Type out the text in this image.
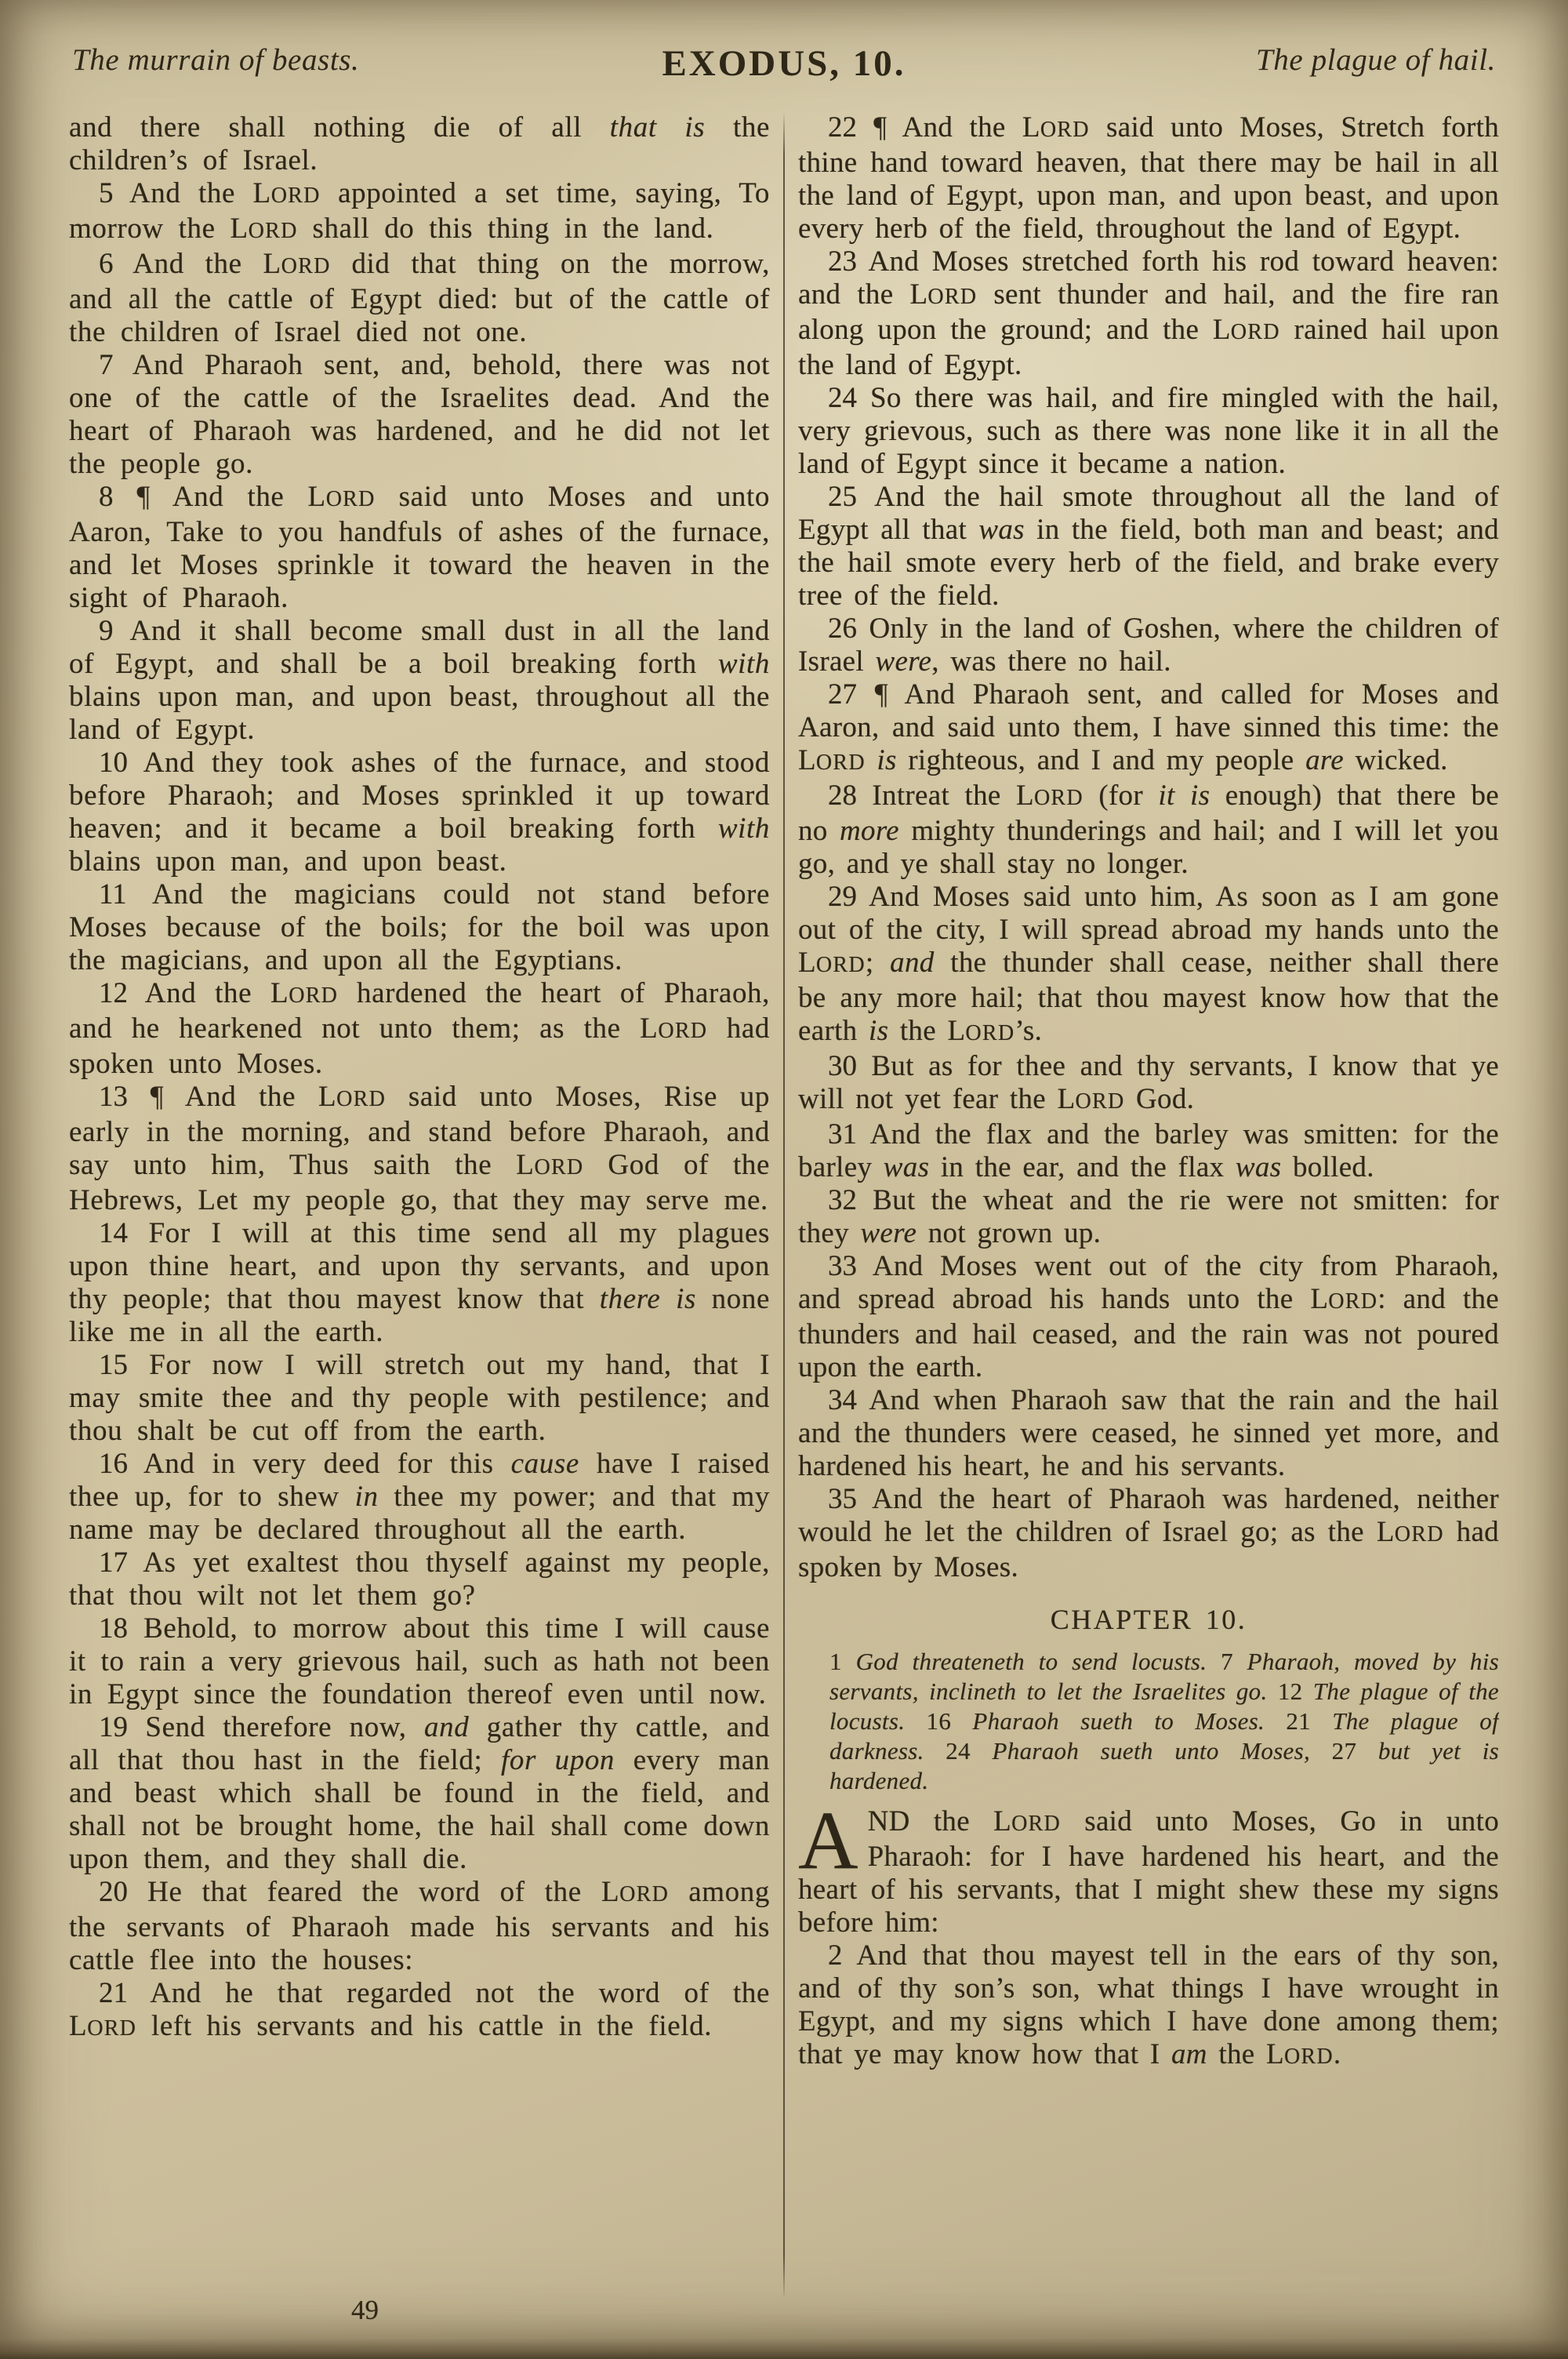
The murrain of beasts.	EXODUS, 10.	The plague of hail.

and there shall nothing die of all that is the children’s of Israel.

5 And the LORD appointed a set time, saying, To morrow the LORD shall do this thing in the land.

6 And the LORD did that thing on the morrow, and all the cattle of Egypt died: but of the cattle of the children of Israel died not one.

7 And Pharaoh sent, and, behold, there was not one of the cattle of the Israelites dead. And the heart of Pharaoh was hardened, and he did not let the people go.

8 ¶ And the LORD said unto Moses and unto Aaron, Take to you handfuls of ashes of the furnace, and let Moses sprinkle it toward the heaven in the sight of Pharaoh.

9 And it shall become small dust in all the land of Egypt, and shall be a boil breaking forth with blains upon man, and upon beast, throughout all the land of Egypt.

10 And they took ashes of the furnace, and stood before Pharaoh; and Moses sprinkled it up toward heaven; and it became a boil breaking forth with blains upon man, and upon beast.

11 And the magicians could not stand before Moses because of the boils; for the boil was upon the magicians, and upon all the Egyptians.

12 And the LORD hardened the heart of Pharaoh, and he hearkened not unto them; as the LORD had spoken unto Moses.

13 ¶ And the LORD said unto Moses, Rise up early in the morning, and stand before Pharaoh, and say unto him, Thus saith the LORD God of the Hebrews, Let my people go, that they may serve me.

14 For I will at this time send all my plagues upon thine heart, and upon thy servants, and upon thy people; that thou mayest know that there is none like me in all the earth.

15 For now I will stretch out my hand, that I may smite thee and thy people with pestilence; and thou shalt be cut off from the earth.

16 And in very deed for this cause have I raised thee up, for to shew in thee my power; and that my name may be declared throughout all the earth.

17 As yet exaltest thou thyself against my people, that thou wilt not let them go?

18 Behold, to morrow about this time I will cause it to rain a very grievous hail, such as hath not been in Egypt since the foundation thereof even until now.

19 Send therefore now, and gather thy cattle, and all that thou hast in the field; for upon every man and beast which shall be found in the field, and shall not be brought home, the hail shall come down upon them, and they shall die.

20 He that feared the word of the LORD among the servants of Pharaoh made his servants and his cattle flee into the houses:

21 And he that regarded not the word of the LORD left his servants and his cattle in the field.

22 ¶ And the LORD said unto Moses, Stretch forth thine hand toward heaven, that there may be hail in all the land of Egypt, upon man, and upon beast, and upon every herb of the field, throughout the land of Egypt.

23 And Moses stretched forth his rod toward heaven: and the LORD sent thunder and hail, and the fire ran along upon the ground; and the LORD rained hail upon the land of Egypt.

24 So there was hail, and fire mingled with the hail, very grievous, such as there was none like it in all the land of Egypt since it became a nation.

25 And the hail smote throughout all the land of Egypt all that was in the field, both man and beast; and the hail smote every herb of the field, and brake every tree of the field.

26 Only in the land of Goshen, where the children of Israel were, was there no hail.

27 ¶ And Pharaoh sent, and called for Moses and Aaron, and said unto them, I have sinned this time: the LORD is righteous, and I and my people are wicked.

28 Intreat the LORD (for it is enough) that there be no more mighty thunderings and hail; and I will let you go, and ye shall stay no longer.

29 And Moses said unto him, As soon as I am gone out of the city, I will spread abroad my hands unto the LORD; and the thunder shall cease, neither shall there be any more hail; that thou mayest know how that the earth is the LORD’s.

30 But as for thee and thy servants, I know that ye will not yet fear the LORD God.

31 And the flax and the barley was smitten: for the barley was in the ear, and the flax was bolled.

32 But the wheat and the rie were not smitten: for they were not grown up.

33 And Moses went out of the city from Pharaoh, and spread abroad his hands unto the LORD: and the thunders and hail ceased, and the rain was not poured upon the earth.

34 And when Pharaoh saw that the rain and the hail and the thunders were ceased, he sinned yet more, and hardened his heart, he and his servants.

35 And the heart of Pharaoh was hardened, neither would he let the children of Israel go; as the LORD had spoken by Moses.

CHAPTER 10.

1 God threateneth to send locusts. 7 Pharaoh, moved by his servants, inclineth to let the Israelites go. 12 The plague of the locusts. 16 Pharaoh sueth to Moses. 21 The plague of darkness. 24 Pharaoh sueth unto Moses, 27 but yet is hardened.

AND the LORD said unto Moses, Go in unto Pharaoh: for I have hardened his heart, and the heart of his servants, that I might shew these my signs before him:

2 And that thou mayest tell in the ears of thy son, and of thy son’s son, what things I have wrought in Egypt, and my signs which I have done among them; that ye may know how that I am the LORD.

49
